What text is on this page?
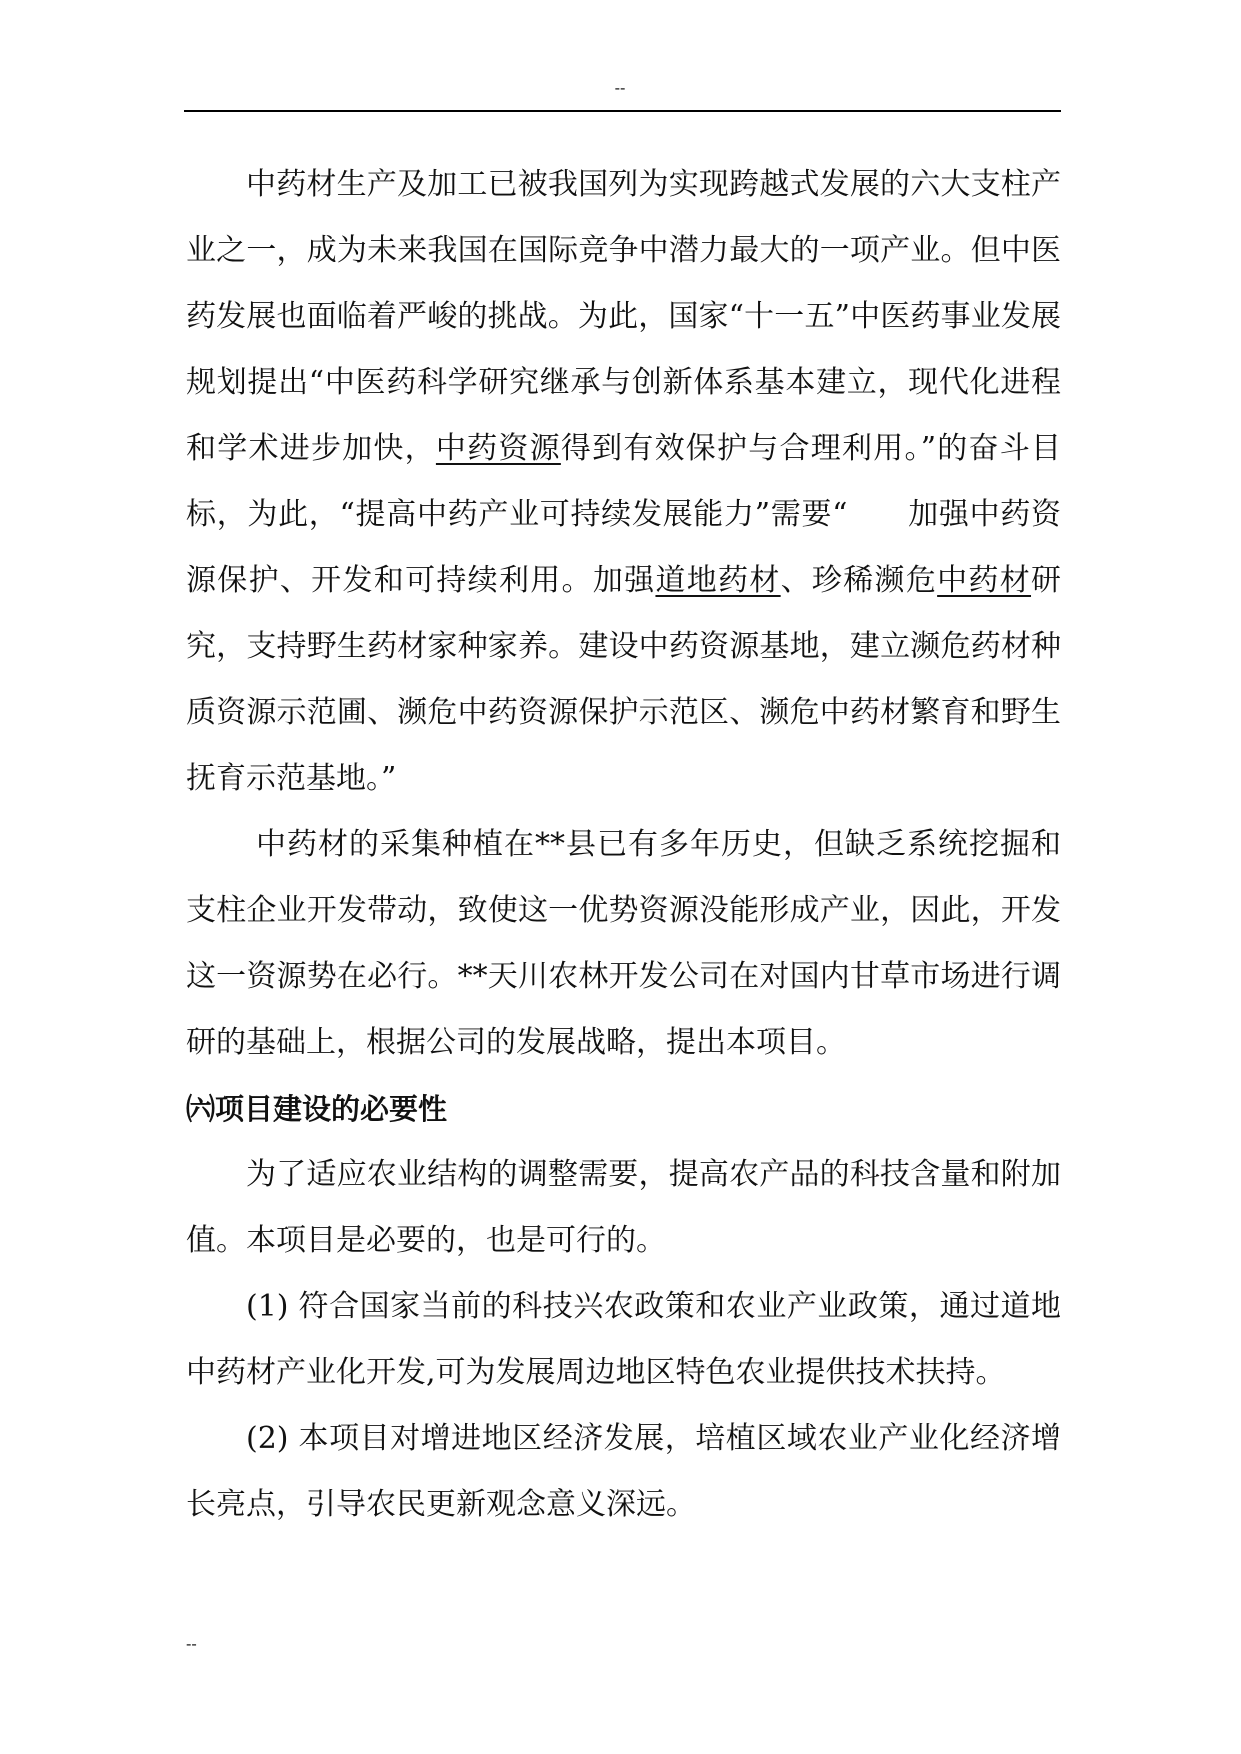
--

中药材生产及加工已被我国列为实现跨越式发展的六大支柱产业之一，成为未来我国在国际竞争中潜力最大的一项产业。但中医药发展也面临着严峻的挑战。为此，国家“十一五”中医药事业发展规划提出“中医药科学研究继承与创新体系基本建立，现代化进程和学术进步加快，中药资源得到有效保护与合理利用。”的奋斗目标，为此，“提高中药产业可持续发展能力”需要“ 加强中药资源保护、开发和可持续利用。加强道地药材、珍稀濒危中药材研究，支持野生药材家种家养。建设中药资源基地，建立濒危药材种质资源示范圃、濒危中药资源保护示范区、濒危中药材繁育和野生抚育示范基地。”

中药材的采集种植在**县已有多年历史，但缺乏系统挖掘和支柱企业开发带动，致使这一优势资源没能形成产业，因此，开发这一资源势在必行。**天川农林开发公司在对国内甘草市场进行调研的基础上，根据公司的发展战略，提出本项目。

㈥项目建设的必要性

为了适应农业结构的调整需要，提高农产品的科技含量和附加值。本项目是必要的，也是可行的。

(1) 符合国家当前的科技兴农政策和农业产业政策，通过道地中药材产业化开发,可为发展周边地区特色农业提供技术扶持。

(2) 本项目对增进地区经济发展，培植区域农业产业化经济增长亮点，引导农民更新观念意义深远。

--
